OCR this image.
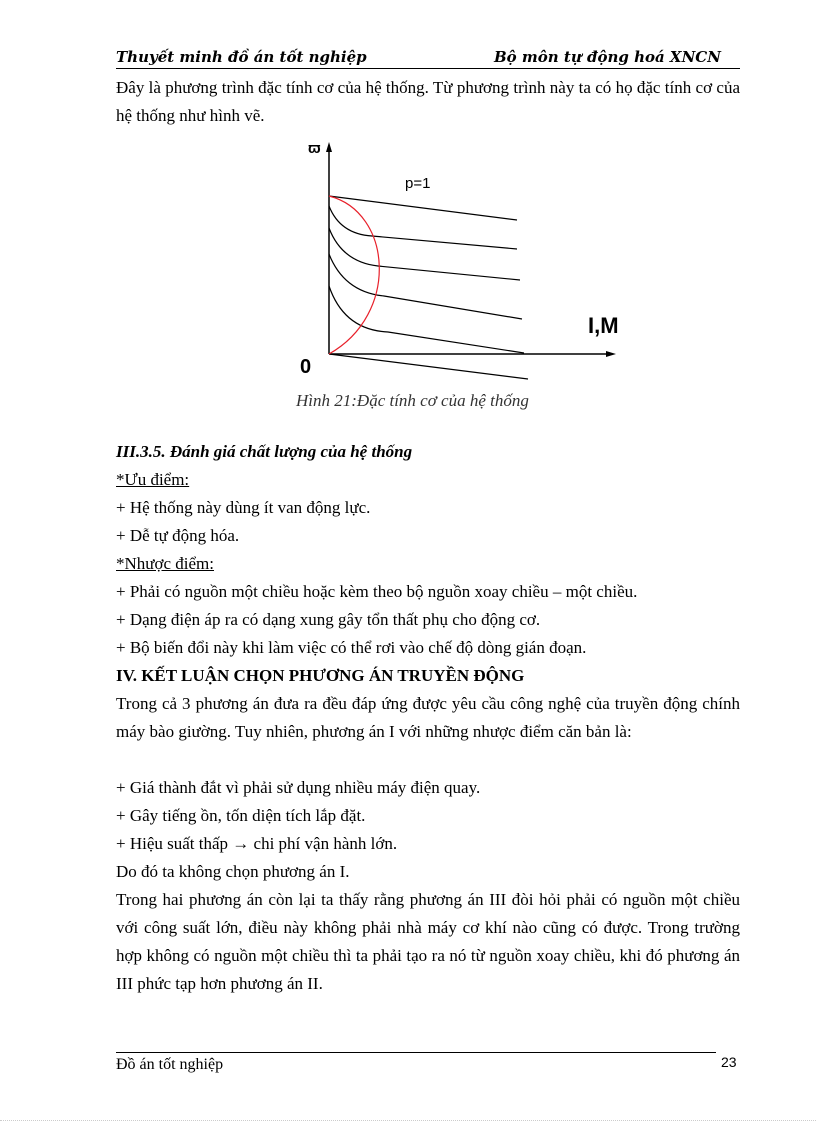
Thuyết minh đồ án tốt nghiệp	Bộ môn tự động hoá XNCN
Đây là phương trình đặc tính cơ của hệ thống. Từ phương trình này ta có họ đặc tính cơ của hệ thống như hình vẽ.
ϖ
p=1
I,M
0
Hình 21:Đặc tính cơ của hệ thống
III.3.5. Đánh giá chất lượng của hệ thống
*Ưu điểm:
+ Hệ thống này dùng ít van động lực.
+ Dễ tự động hóa.
*Nhược điểm:
+ Phải có nguồn một chiều hoặc kèm theo bộ nguồn xoay chiều – một chiều.
+ Dạng điện áp ra có dạng xung gây tổn thất phụ cho động cơ.
+ Bộ biến đổi này khi làm việc có thể rơi vào chế độ dòng gián đoạn.
IV. KẾT LUẬN CHỌN PHƯƠNG ÁN TRUYỀN ĐỘNG
Trong cả 3 phương án đưa ra đều đáp ứng được yêu cầu công nghệ của truyền động chính máy bào giường. Tuy nhiên, phương án I với những nhược điểm căn bản là:
+ Giá thành đắt vì phải sử dụng nhiều máy điện quay.
+ Gây tiếng ồn, tốn diện tích lắp đặt.
+ Hiệu suất thấp → chi phí vận hành lớn.
Do đó ta không chọn phương án I.
Trong hai phương án còn lại ta thấy rằng phương án III đòi hỏi phải có nguồn một chiều với công suất lớn, điều này không phải nhà máy cơ khí nào cũng có được. Trong trường hợp không có nguồn một chiều thì ta phải tạo ra nó từ nguồn xoay chiều, khi đó phương án III phức tạp hơn phương án II.
Đồ án tốt nghiệp	23
